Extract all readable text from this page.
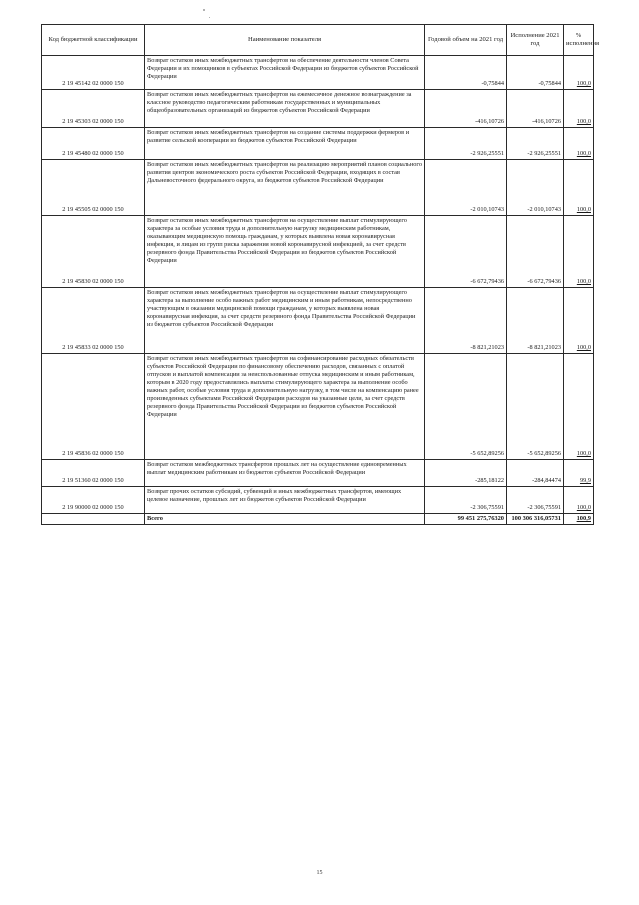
Код бюджетной классификации	Наименование показателя	Годовой объем на 2021 год	Исполнение 2021 год	% исполнения
2 19 45142 02 0000 150	Возврат остатков иных межбюджетных трансфертов на обеспечение деятельности членов Совета Федерации и их помощников в субъектах Российской Федерации из бюджетов субъектов Российской Федерации	-0,75844	-0,75844	100,0
2 19 45303 02 0000 150	Возврат остатков иных межбюджетных трансфертов на ежемесячное денежное вознаграждение за классное руководство педагогическим работникам государственных и муниципальных общеобразовательных организаций из бюджетов субъектов Российской Федерации	-416,10726	-416,10726	100,0
2 19 45480 02 0000 150	Возврат остатков иных межбюджетных трансфертов на создание системы поддержки фермеров и развитие сельской кооперации из бюджетов субъектов Российской Федерации	-2 926,25551	-2 926,25551	100,0
2 19 45505 02 0000 150	Возврат остатков иных межбюджетных трансфертов на реализацию мероприятий планов социального развития центров экономического роста субъектов Российской Федерации, входящих в состав Дальневосточного федерального округа, из бюджетов субъектов Российской Федерации	-2 010,10743	-2 010,10743	100,0
2 19 45830 02 0000 150	Возврат остатков иных межбюджетных трансфертов на осуществление выплат стимулирующего характера за особые условия труда и дополнительную нагрузку медицинским работникам, оказывающим медицинскую помощь гражданам, у которых выявлена новая коронавирусная инфекция, и лицам из групп риска заражения новой коронавирусной инфекцией, за счет средств резервного фонда Правительства Российской Федерации из бюджетов субъектов Российской Федерации	-6 672,79436	-6 672,79436	100,0
2 19 45833 02 0000 150	Возврат остатков иных межбюджетных трансфертов на осуществление выплат стимулирующего характера за выполнение особо важных работ медицинским и иным работникам, непосредственно участвующим в оказании медицинской помощи гражданам, у которых выявлена новая коронавирусная инфекция, за счет средств резервного фонда Правительства Российской Федерации из бюджетов субъектов Российской Федерации	-8 821,21023	-8 821,21023	100,0
2 19 45836 02 0000 150	Возврат остатков иных межбюджетных трансфертов на софинансирование расходных обязательств субъектов Российской Федерации по финансовому обеспечению расходов, связанных с оплатой отпусков и выплатой компенсации за неиспользованные отпуска медицинским и иным работникам, которым в 2020 году предоставлялись выплаты стимулирующего характера за выполнение особо важных работ, особые условия труда и дополнительную нагрузку, в том числе на компенсацию ранее произведенных субъектами Российской Федерации расходов на указанные цели, за счет средств резервного фонда Правительства Российской Федерации из бюджетов субъектов Российской Федерации	-5 652,89256	-5 652,89256	100,0
2 19 51360 02 0000 150	Возврат остатков межбюджетных трансфертов прошлых лет на осуществление единовременных выплат медицинским работникам из бюджетов субъектов Российской Федерации	-285,18122	-284,84474	99,9
2 19 90000 02 0000 150	Возврат прочих остатков субсидий, субвенций и иных межбюджетных трансфертов, имеющих целевое назначение, прошлых лет из бюджетов субъектов Российской Федерации	-2 306,75591	-2 306,75591	100,0
	Всего	99 451 275,76320	100 306 316,05731	100,9
15
